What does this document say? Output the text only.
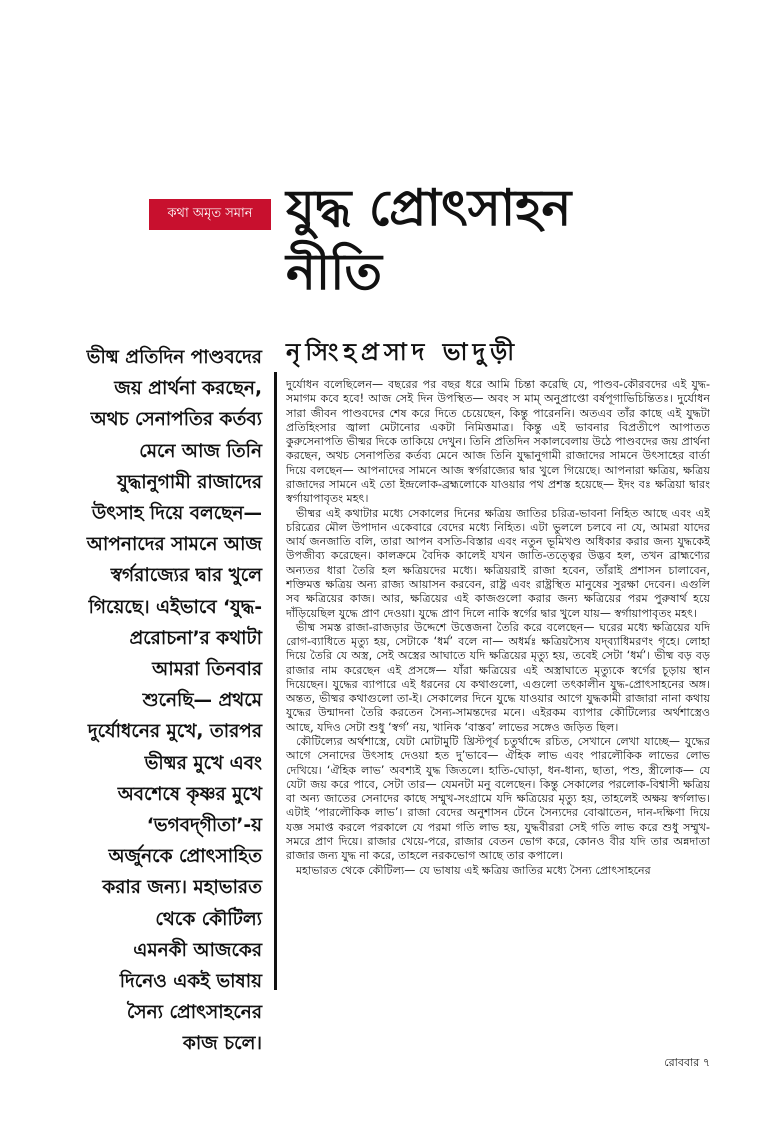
কথা অমৃত সমান যুদ্ধ প্রোৎসাহন
নীতি
নৃসিংহপ্রসাদ ভাদুড়ী
ভীষ্ম প্রতিদিন পাণ্ডবদের
জয় প্রার্থনা করছেন,
অথচ সেনাপতির কর্তব্য
মেনে আজ তিনি
যুদ্ধানুগামী রাজাদের
উৎসাহ দিয়ে বলছেন—
আপনাদের সামনে আজ
স্বর্গরাজ্যের দ্বার খুলে
গিয়েছে। এইভাবে ‘যুদ্ধ-
প্ররোচনা’র কথাটা
আমরা তিনবার
শুনেছি— প্রথমে
দুর্যোধনের মুখে, তারপর
ভীষ্মর মুখে এবং
অবশেষে কৃষ্ণর মুখে
‘ভগবদ্‌গীতা’-য়
অর্জুনকে প্রোৎসাহিত
করার জন্য। মহাভারত
থেকে কৌটিল্য
এমনকী আজকের
দিনেও একই ভাষায়
সৈন্য প্রোৎসাহনের
কাজ চলে।

দুর্যোধন বলেছিলেন— বছরের পর বছর ধরে আমি চিন্তা করেছি যে, পাণ্ডব-কৌরবদের এই যুদ্ধ-সমাগম কবে হবে! আজ সেই দিন উপস্থিত— অবং স মাম্‌ অনুপ্রাপ্তো বর্ষপূগাভিচিন্তিতঃ। দুর্যোধন সারা জীবন পাণ্ডবদের শেষ করে দিতে চেয়েছেন, কিন্তু পারেননি। অতএব তাঁর কাছে এই যুদ্ধটা প্রতিহিংসার জ্বালা মেটানোর একটা নিমিত্তমাত্র। কিন্তু এই ভাবনার বিপ্রতীপে আপাতত কুরুসেনাপতি ভীষ্মর দিকে তাকিয়ে দেখুন। তিনি প্রতিদিন সকালবেলায় উঠে পাণ্ডবদের জয় প্রার্থনা করছেন, অথচ সেনাপতির কর্তব্য মেনে আজ তিনি যুদ্ধানুগামী রাজাদের সামনে উৎসাহের বার্তা দিয়ে বলছেন— আপনাদের সামনে আজ স্বর্গরাজ্যের দ্বার খুলে গিয়েছে। আপনারা ক্ষত্রিয়, ক্ষত্রিয় রাজাদের সামনে এই তো ইন্দ্রলোক-ব্রহ্মলোকে যাওয়ার পথ প্রশস্ত হয়েছে— ইদং বঃ ক্ষত্রিয়া দ্বারং স্বর্গায়াপাবৃতং মহৎ।

ভীষ্মর এই কথাটার মধ্যে সেকালের দিনের ক্ষত্রিয় জাতির চরিত্র-ভাবনা নিহিত আছে এবং এই চরিত্রের মৌল উপাদান একেবারে বেদের মধ্যে নিহিত। এটা ভুললে চলবে না যে, আমরা যাদের আর্য জনজাতি বলি, তারা আপন বসতি-বিস্তার এবং নতুন ভূমিখণ্ড অধিকার করার জন্য যুদ্ধকেই উপজীব্য করেছেন। কালক্রমে বৈদিক কালেই যখন জাতি-তত্ত্বের উদ্ভব হল, তখন ব্রাহ্মণ্যের অন্যতর ধারা তৈরি হল ক্ষত্রিয়দের মধ্যে। ক্ষত্রিয়রাই রাজা হবেন, তাঁরাই প্রশাসন চালাবেন, শক্তিমত্ত ক্ষত্রিয় অন্য রাজ্য আয়াসন করবেন, রাষ্ট্র এবং রাষ্ট্রস্থিত মানুষের সুরক্ষা দেবেন। এগুলি সব ক্ষত্রিয়ের কাজ। আর, ক্ষত্রিয়ের এই কাজগুলো করার জন্য ক্ষত্রিয়ের পরম পুরুষার্থ হয়ে দাঁড়িয়েছিল যুদ্ধে প্রাণ দেওয়া। যুদ্ধে প্রাণ দিলে নাকি স্বর্গের দ্বার খুলে যায়— স্বর্গায়াপাবৃতং মহৎ।

ভীষ্ম সমস্ত রাজা-রাজড়ার উদ্দেশে উত্তেজনা তৈরি করে বলেছেন— ঘরের মধ্যে ক্ষত্রিয়ের যদি রোগ-ব্যাধিতে মৃত্যু হয়, সেটাকে ‘ধর্ম’ বলে না— অধর্মঃ ক্ষত্রিয়স্যৈষ যদ্‌ব্যাধিমরণং গৃহে। লোহা দিয়ে তৈরি যে অস্ত্র, সেই অস্ত্রের আঘাতে যদি ক্ষত্রিয়ের মৃত্যু হয়, তবেই সেটা ‘ধর্ম’। ভীষ্ম বড় বড় রাজার নাম করেছেন এই প্রসঙ্গে— যাঁরা ক্ষত্রিয়ের এই অস্ত্রাঘাতে মৃত্যুকে স্বর্গের চূড়ায় স্থান দিয়েছেন। যুদ্ধের ব্যাপারে এই ধরনের যে কথাগুলো, এগুলো তৎকালীন যুদ্ধ-প্রোৎসাহনের অঙ্গ। অন্তত, ভীষ্মর কথাগুলো তা-ই। সেকালের দিনে যুদ্ধে যাওয়ার আগে যুদ্ধকামী রাজারা নানা কথায় যুদ্ধের উন্মাদনা তৈরি করতেন সৈন্য-সামন্তদের মনে। এইরকম ব্যাপার কৌটিল্যের অর্থশাস্ত্রেও আছে, যদিও সেটা শুধু ‘স্বর্গ’ নয়, খানিক ‘বাস্তব’ লাভের সঙ্গেও জড়িত ছিল।

কৌটিল্যের অর্থশাস্ত্রে, যেটা মোটামুটি খ্রিস্টপূর্ব চতুর্থাব্দে রচিত, সেখানে লেখা যাচ্ছে— যুদ্ধের আগে সেনাদের উৎসাহ দেওয়া হত দু’ভাবে— ঐহিক লাভ এবং পারলৌকিক লাভের লোভ দেখিয়ে। ‘ঐহিক লাভ’ অবশ্যই যুদ্ধ জিতলে। হাতি-ঘোড়া, ধন-ধান্য, ছাতা, পশু, স্ত্রীলোক— যে যেটা জয় করে পাবে, সেটা তার— যেমনটা মনু বলেছেন। কিন্তু সেকালের পরলোক-বিশ্বাসী ক্ষত্রিয় বা অন্য জাতের সেনাদের কাছে সম্মুখ-সংগ্রামে যদি ক্ষত্রিয়ের মৃত্যু হয়, তাহলেই অক্ষয় স্বর্গলাভ। এটাই ‘পারলৌকিক লাভ’। রাজা বেদের অনুশাসন টেনে সৈন্যদের বোঝাতেন, দান-দক্ষিণা দিয়ে যজ্ঞ সমাপ্ত করলে পরকালে যে পরমা গতি লাভ হয়, যুদ্ধবীররা সেই গতি লাভ করে শুধু সম্মুখ-সমরে প্রাণ দিয়ে। রাজার খেয়ে-পরে, রাজার বেতন ভোগ করে, কোনও বীর যদি তার অন্নদাতা রাজার জন্য যুদ্ধ না করে, তাহলে নরকভোগ আছে তার কপালে।

মহাভারত থেকে কৌটিল্য— যে ভাষায় এই ক্ষত্রিয় জাতির মধ্যে সৈন্য প্রোৎসাহনের

রোববার ৭
